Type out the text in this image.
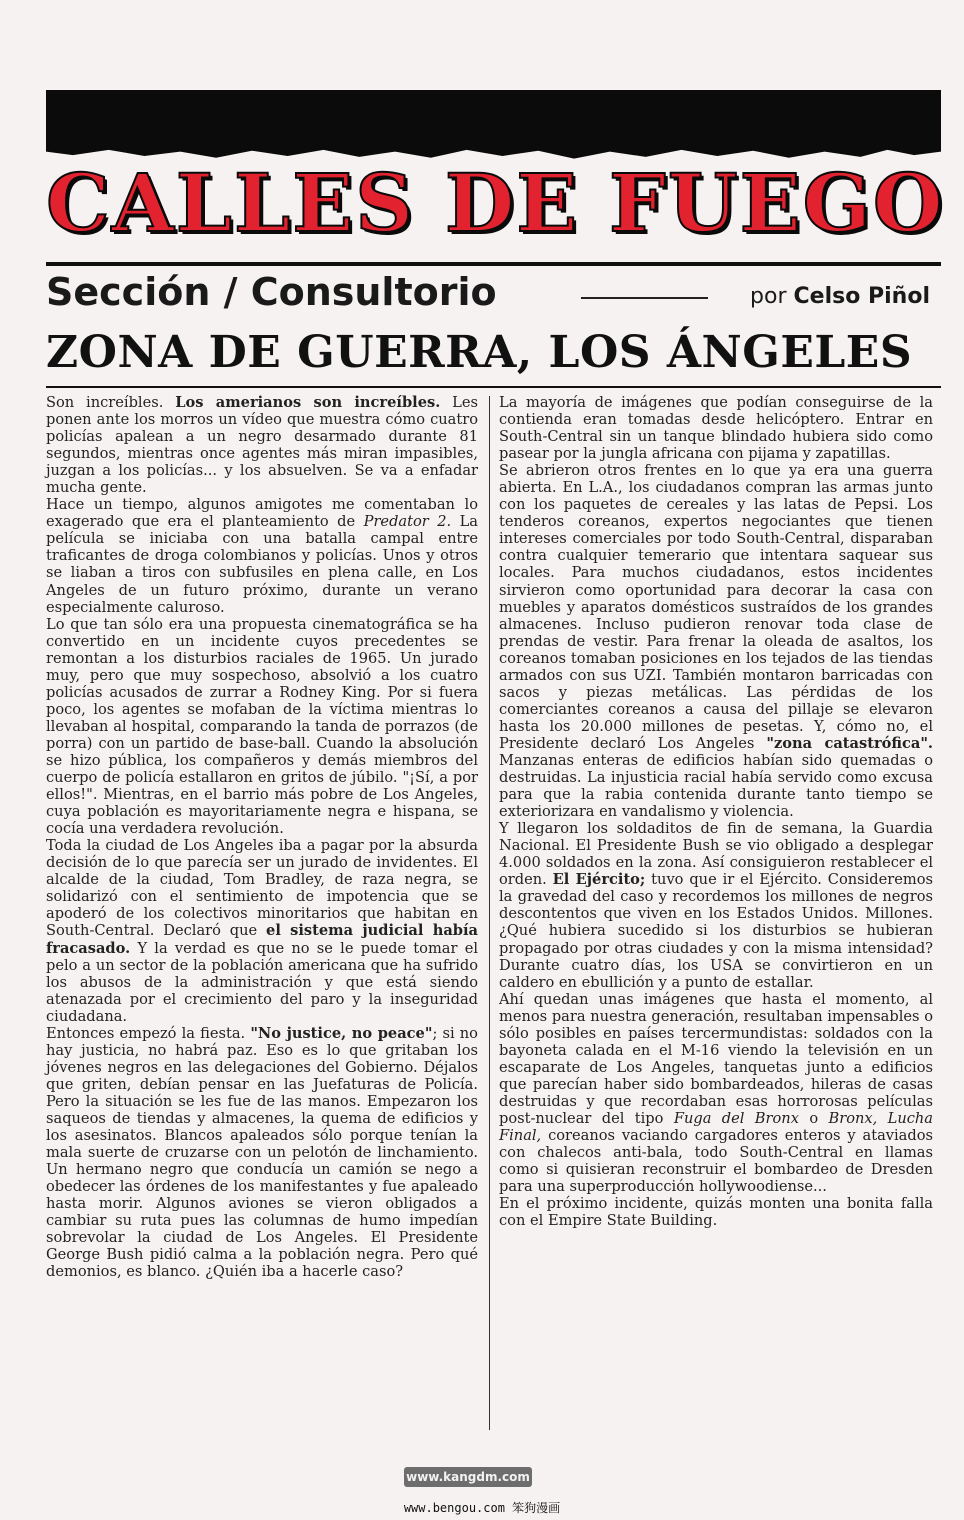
CALLES DE FUEGO
Sección / Consultorio	por Celso Piñol
ZONA DE GUERRA, LOS ÁNGELES

Son increíbles. Los amerianos son increíbles. Les ponen ante los morros un vídeo que muestra cómo cuatro policías apalean a un negro desarmado durante 81 segundos, mientras once agentes más miran impasibles, juzgan a los policías... y los absuelven. Se va a enfadar mucha gente.

Hace un tiempo, algunos amigotes me comentaban lo exagerado que era el planteamiento de Predator 2. La película se iniciaba con una batalla campal entre traficantes de droga colombianos y policías. Unos y otros se liaban a tiros con subfusiles en plena calle, en Los Angeles de un futuro próximo, durante un verano especialmente caluroso.

Lo que tan sólo era una propuesta cinematográfica se ha convertido en un incidente cuyos precedentes se remontan a los disturbios raciales de 1965. Un jurado muy, pero que muy sospechoso, absolvió a los cuatro policías acusados de zurrar a Rodney King. Por si fuera poco, los agentes se mofaban de la víctima mientras lo llevaban al hospital, comparando la tanda de porrazos (de porra) con un partido de base-ball. Cuando la absolución se hizo pública, los compañeros y demás miembros del cuerpo de policía estallaron en gritos de júbilo. "¡Sí, a por ellos!". Mientras, en el barrio más pobre de Los Angeles, cuya población es mayoritariamente negra e hispana, se cocía una verdadera revolución.

Toda la ciudad de Los Angeles iba a pagar por la absurda decisión de lo que parecía ser un jurado de invidentes. El alcalde de la ciudad, Tom Bradley, de raza negra, se solidarizó con el sentimiento de impotencia que se apoderó de los colectivos minoritarios que habitan en South-Central. Declaró que el sistema judicial había fracasado. Y la verdad es que no se le puede tomar el pelo a un sector de la población americana que ha sufrido los abusos de la administración y que está siendo atenazada por el crecimiento del paro y la inseguridad ciudadana.

Entonces empezó la fiesta. "No justice, no peace"; si no hay justicia, no habrá paz. Eso es lo que gritaban los jóvenes negros en las delegaciones del Gobierno. Déjalos que griten, debían pensar en las Juefaturas de Policía. Pero la situación se les fue de las manos. Empezaron los saqueos de tiendas y almacenes, la quema de edificios y los asesinatos. Blancos apaleados sólo porque tenían la mala suerte de cruzarse con un pelotón de linchamiento. Un hermano negro que conducía un camión se nego a obedecer las órdenes de los manifestantes y fue apaleado hasta morir. Algunos aviones se vieron obligados a cambiar su ruta pues las columnas de humo impedían sobrevolar la ciudad de Los Angeles. El Presidente George Bush pidió calma a la población negra. Pero qué demonios, es blanco. ¿Quién iba a hacerle caso?

La mayoría de imágenes que podían conseguirse de la contienda eran tomadas desde helicóptero. Entrar en South-Central sin un tanque blindado hubiera sido como pasear por la jungla africana con pijama y zapatillas.

Se abrieron otros frentes en lo que ya era una guerra abierta. En L.A., los ciudadanos compran las armas junto con los paquetes de cereales y las latas de Pepsi. Los tenderos coreanos, expertos negociantes que tienen intereses comerciales por todo South-Central, disparaban contra cualquier temerario que intentara saquear sus locales. Para muchos ciudadanos, estos incidentes sirvieron como oportunidad para decorar la casa con muebles y aparatos domésticos sustraídos de los grandes almacenes. Incluso pudieron renovar toda clase de prendas de vestir. Para frenar la oleada de asaltos, los coreanos tomaban posiciones en los tejados de las tiendas armados con sus UZI. También montaron barricadas con sacos y piezas metálicas. Las pérdidas de los comerciantes coreanos a causa del pillaje se elevaron hasta los 20.000 millones de pesetas. Y, cómo no, el Presidente declaró Los Angeles "zona catastrófica". Manzanas enteras de edificios habían sido quemadas o destruidas. La injusticia racial había servido como excusa para que la rabia contenida durante tanto tiempo se exteriorizara en vandalismo y violencia.

Y llegaron los soldaditos de fin de semana, la Guardia Nacional. El Presidente Bush se vio obligado a desplegar 4.000 soldados en la zona. Así consiguieron restablecer el orden. El Ejército; tuvo que ir el Ejército. Consideremos la gravedad del caso y recordemos los millones de negros descontentos que viven en los Estados Unidos. Millones. ¿Qué hubiera sucedido si los disturbios se hubieran propagado por otras ciudades y con la misma intensidad? Durante cuatro días, los USA se convirtieron en un caldero en ebullición y a punto de estallar.

Ahí quedan unas imágenes que hasta el momento, al menos para nuestra generación, resultaban impensables o sólo posibles en países tercermundistas: soldados con la bayoneta calada en el M-16 viendo la televisión en un escaparate de Los Angeles, tanquetas junto a edificios que parecían haber sido bombardeados, hileras de casas destruidas y que recordaban esas horrorosas películas post-nuclear del tipo Fuga del Bronx o Bronx, Lucha Final, coreanos vaciando cargadores enteros y ataviados con chalecos anti-bala, todo South-Central en llamas como si quisieran reconstruir el bombardeo de Dresden para una superproducción hollywoodiense...

En el próximo incidente, quizás monten una bonita falla con el Empire State Building.

www.kangdm.com
www.bengou.com 笨狗漫画
